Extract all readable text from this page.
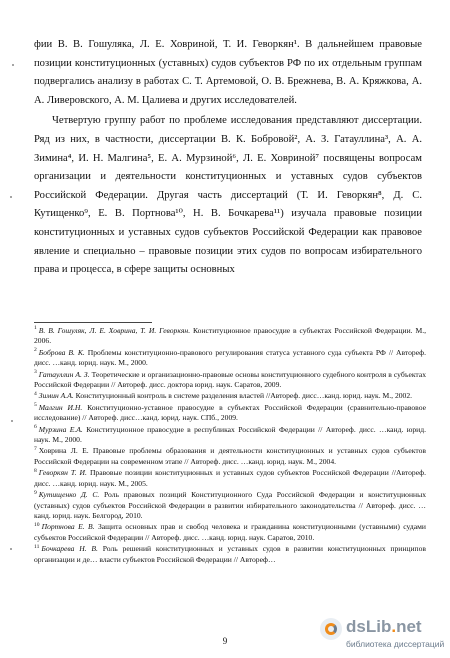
фии В. В. Гошуляка, Л. Е. Ховриной, Т. И. Геворкян¹. В дальнейшем правовые позиции конституционных (уставных) судов субъектов РФ по их отдельным группам подвергались анализу в работах С. Т. Артемовой, О. В. Брежнева, В. А. Кряжкова, А. А. Ливеровского, А. М. Цалиева и других исследователей.

Четвертую группу работ по проблеме исследования представляют диссертации. Ряд из них, в частности, диссертации В. К. Бобровой², А. З. Гатауллина³, А. А. Зимина⁴, И. Н. Малгина⁵, Е. А. Мурзиной⁶, Л. Е. Ховриной⁷ посвящены вопросам организации и деятельности конституционных и уставных судов субъектов Российской Федерации. Другая часть диссертаций (Т. И. Геворкян⁸, Д. С. Кутищенко⁹, Е. В. Портнова¹⁰, Н. В. Бочкарева¹¹) изучала правовые позиции конституционных и уставных судов субъектов Российской Федерации как правовое явление и специально – правовые позиции этих судов по вопросам избирательного права и процесса, в сфере защиты основных

$^1$ В. В. Гошуляк, Л. Е. Ховрина, Т. И. Геворкян. Конституционное правосудие в субъектах Российской Федерации. М., 2006.

$^2$ Боброва В. К. Проблемы конституционно-правового регулирования статуса уставного суда субъекта РФ // Автореф. дисс. …канд. юрид. наук. М., 2000.

$^3$ Гатауллин А. З. Теоретические и организационно-правовые основы конституционного судебного контроля в субъектах Российской Федерации // Автореф. дисс. доктора юрид. наук. Саратов, 2009.

$^4$ Зимин А.А. Конституционный контроль в системе разделения властей //Автореф. дисс…канд. юрид. наук. М., 2002.

$^5$ Малгин И.Н. Конституционно-уставное правосудие в субъектах Российской Федерации (сравнительно-правовое исследование) // Автореф. дисс…канд. юрид. наук. СПб., 2009.

$^6$ Мурзина Е.А. Конституционное правосудие в республиках Российской Федерации // Автореф. дисс. …канд. юрид. наук. М., 2000.

$^7$ Ховрина Л. Е. Правовые проблемы образования и деятельности конституционных и уставных судов субъектов Российской Федерации на современном этапе // Автореф. дисс. …канд. юрид. наук. М., 2004.

$^8$ Геворкян Т. И. Правовые позиции конституционных и уставных судов субъектов Российской Федерации //Автореф. дисс. …канд. юрид. наук. М., 2005.

$^9$ Кутищенко Д. С. Роль правовых позиций Конституционного Суда Российской Федерации и конституционных (уставных) судов субъектов Российской Федерации в развитии избирательного законодательства // Автореф. дисс. …канд. юрид. наук. Белгород, 2010.

$^{10}$ Портнова Е. В. Защита основных прав и свобод человека и гражданина конституционными (уставными) судами субъектов Российской Федерации // Автореф. дисс. …канд. юрид. наук. Саратов, 2010.

$^{11}$ Бочкарева Н. В. Роль решений конституционных и уставных судов в развитии конституционных принципов организации и де… власти субъектов Российской Федерации // Автореф…

9
dsLib.net
библиотека диссертаций
